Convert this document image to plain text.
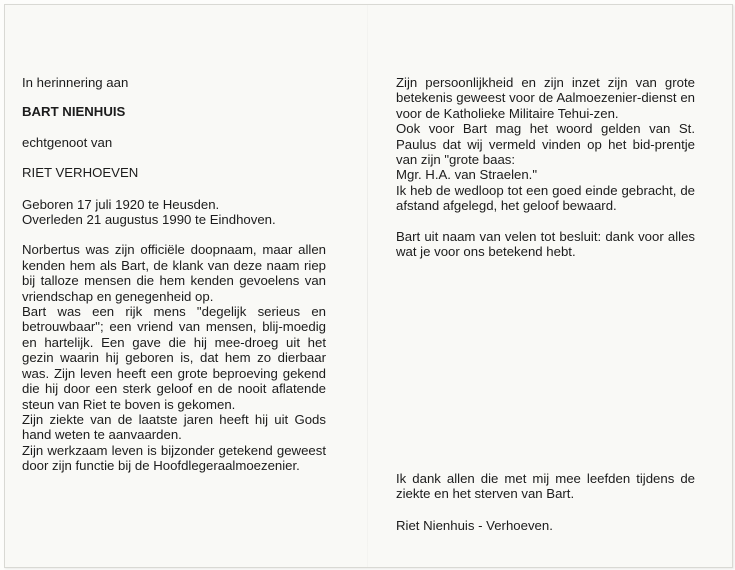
In herinnering aan

BART NIENHUIS

echtgenoot van

RIET VERHOEVEN

Geboren 17 juli 1920 te Heusden.

Overleden 21 augustus 1990 te Eindhoven.

Norbertus was zijn officiële doopnaam, maar allen kenden hem als Bart, de klank van deze naam riep bij talloze mensen die hem kenden gevoelens van vriendschap en genegenheid op.

Bart was een rijk mens "degelijk serieus en betrouwbaar"; een vriend van mensen, blij-moedig en hartelijk. Een gave die hij mee-droeg uit het gezin waarin hij geboren is, dat hem zo dierbaar was. Zijn leven heeft een grote beproeving gekend die hij door een sterk geloof en de nooit aflatende steun van Riet te boven is gekomen.

Zijn ziekte van de laatste jaren heeft hij uit Gods hand weten te aanvaarden.

Zijn werkzaam leven is bijzonder getekend geweest door zijn functie bij de Hoofdlegeraalmoezenier.

Zijn persoonlijkheid en zijn inzet zijn van grote betekenis geweest voor de Aalmoezenier-dienst en voor de Katholieke Militaire Tehui-zen.

Ook voor Bart mag het woord gelden van St. Paulus dat wij vermeld vinden op het bid-prentje van zijn "grote baas:

Mgr. H.A. van Straelen."

Ik heb de wedloop tot een goed einde gebracht, de afstand afgelegd, het geloof bewaard.

Bart uit naam van velen tot besluit: dank voor alles wat je voor ons betekend hebt.

Ik dank allen die met mij mee leefden tijdens de ziekte en het sterven van Bart.

Riet Nienhuis - Verhoeven.
